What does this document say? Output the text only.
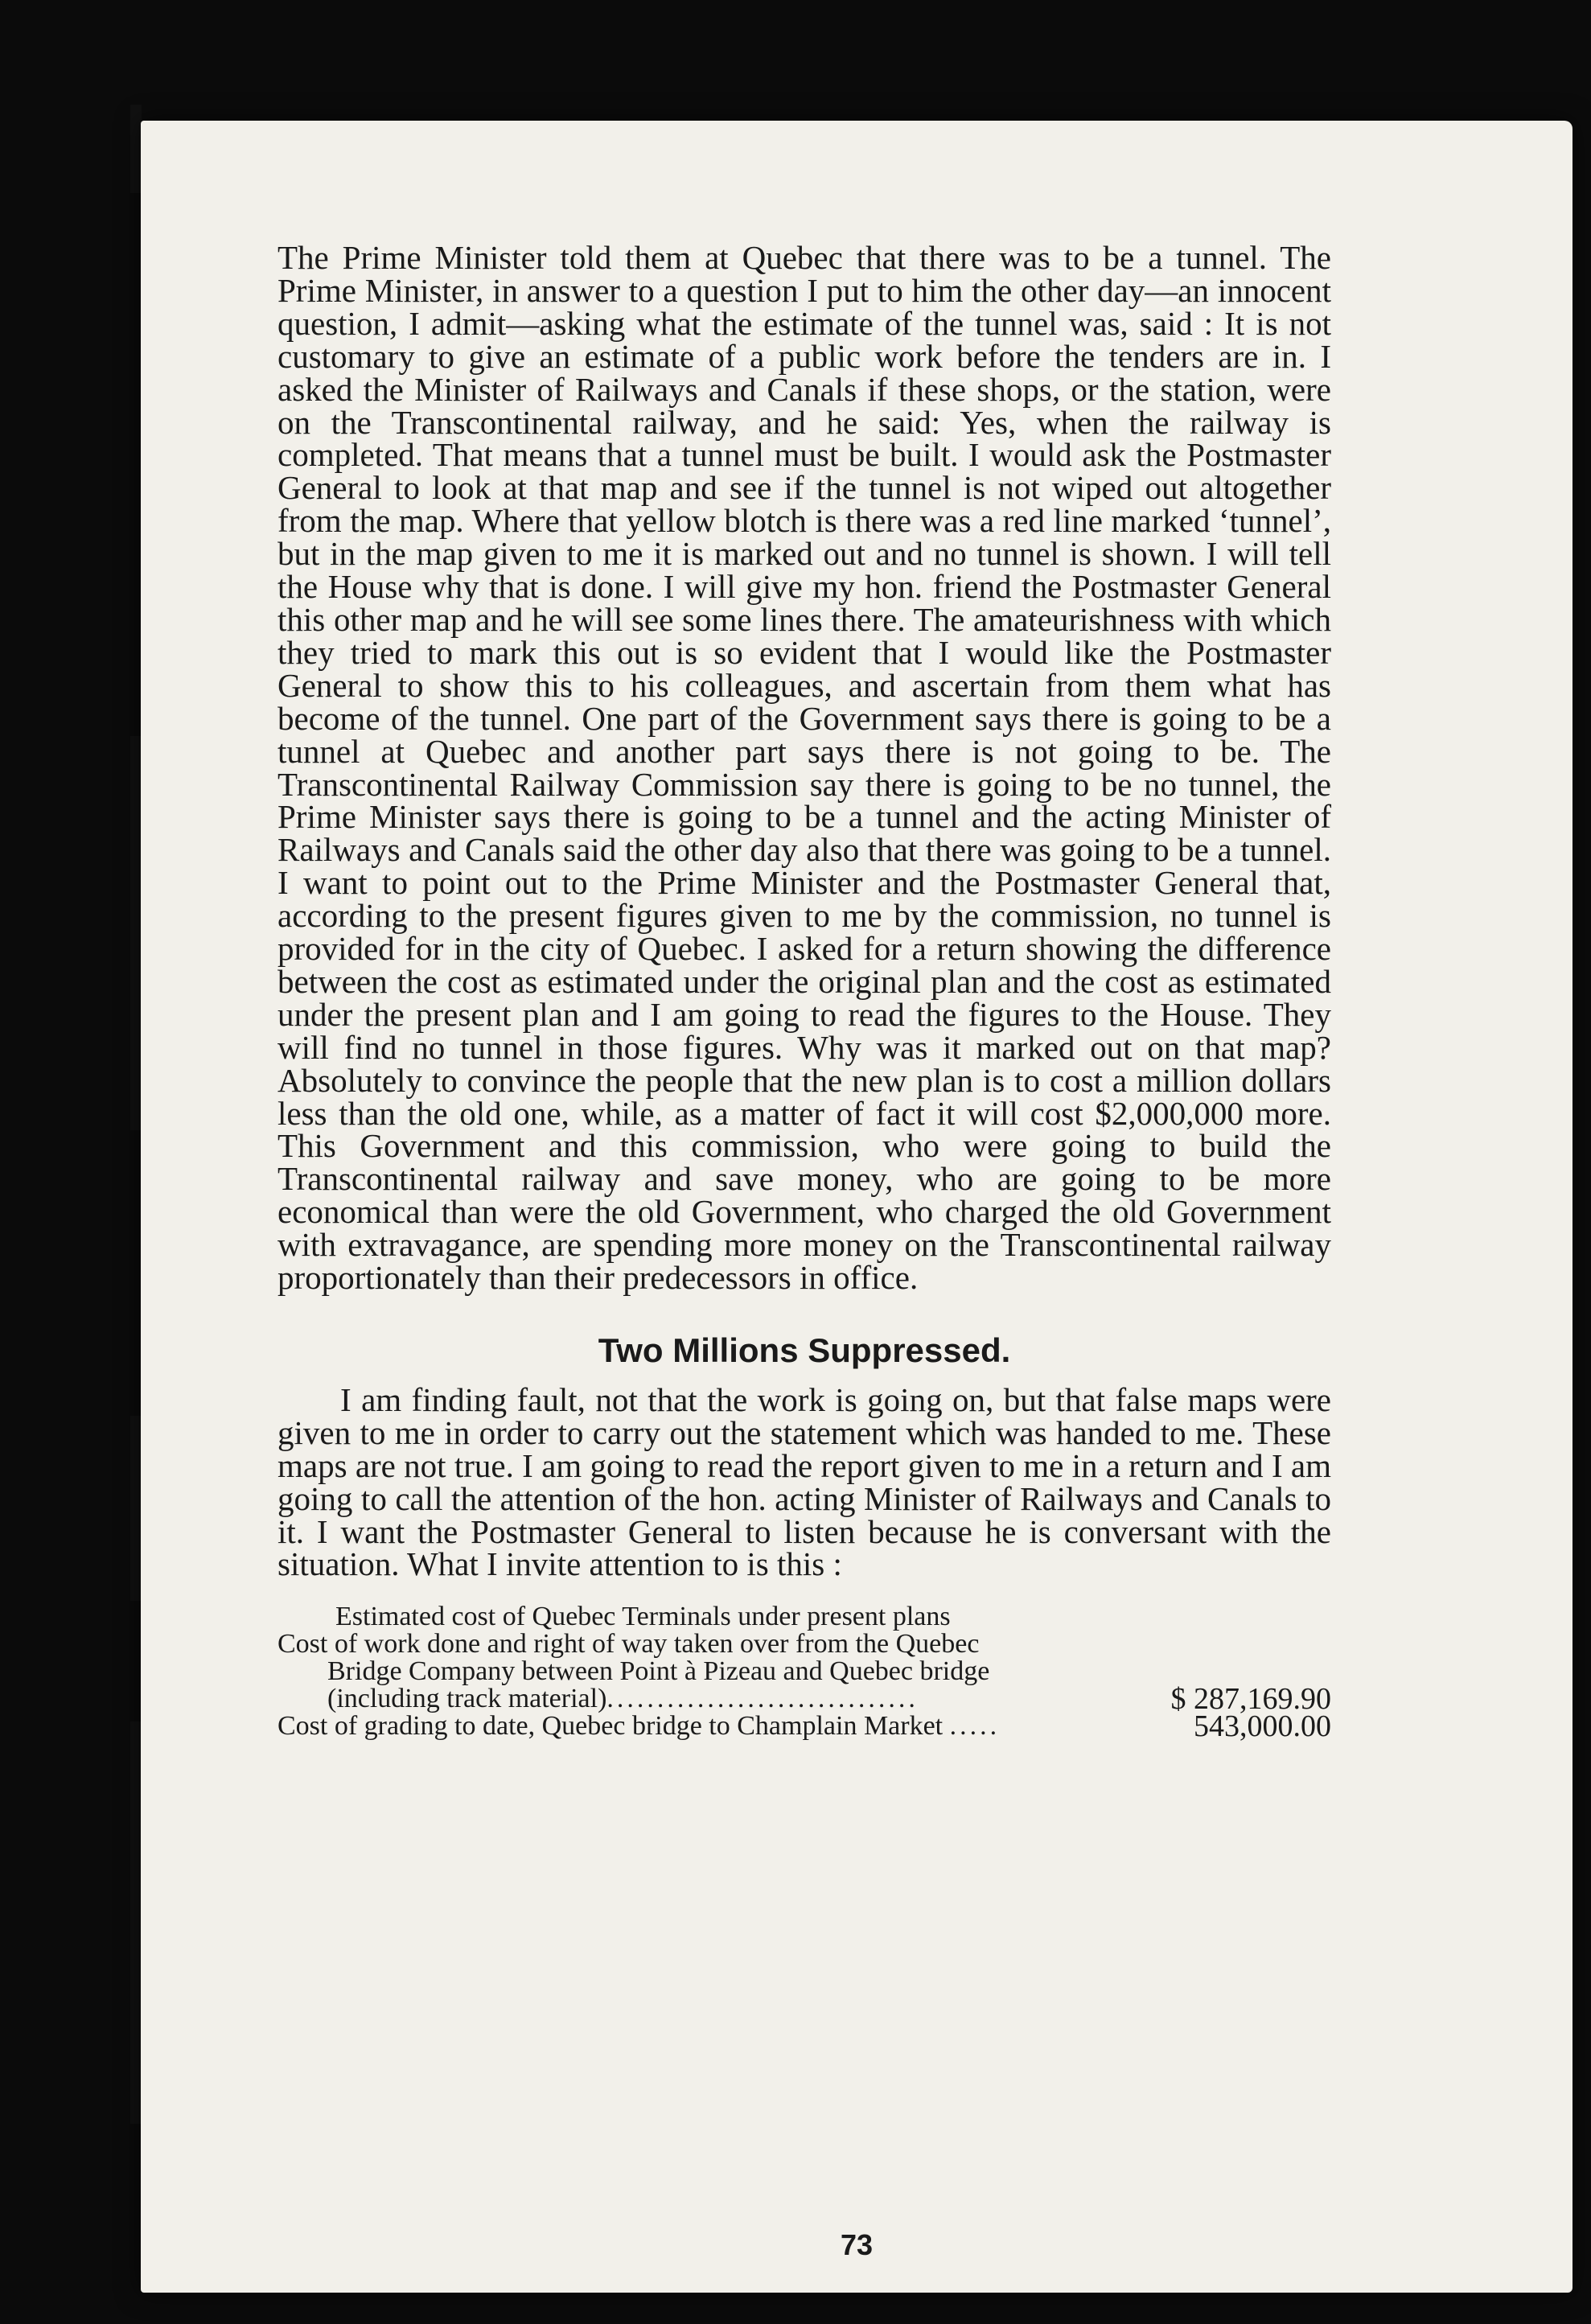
73

The Prime Minister told them at Quebec that there was to be a tunnel. The Prime Minister, in answer to a question I put to him the other day—an innocent question, I admit—asking what the estimate of the tunnel was, said : It is not customary to give an estimate of a public work before the tenders are in. I asked the Minister of Railways and Canals if these shops, or the station, were on the Transcontinental railway, and he said: Yes, when the railway is completed. That means that a tunnel must be built. I would ask the Postmaster General to look at that map and see if the tunnel is not wiped out altogether from the map. Where that yellow blotch is there was a red line marked ‘tunnel’, but in the map given to me it is marked out and no tunnel is shown. I will tell the House why that is done. I will give my hon. friend the Postmaster General this other map and he will see some lines there. The amateurishness with which they tried to mark this out is so evident that I would like the Postmaster General to show this to his colleagues, and ascertain from them what has become of the tunnel. One part of the Government says there is going to be a tunnel at Quebec and another part says there is not going to be. The Transcontinental Railway Commission say there is going to be no tunnel, the Prime Minister says there is going to be a tunnel and the acting Minister of Railways and Canals said the other day also that there was going to be a tunnel. I want to point out to the Prime Minister and the Postmaster General that, according to the present figures given to me by the commission, no tunnel is provided for in the city of Quebec. I asked for a return showing the difference between the cost as estimated under the original plan and the cost as estimated under the present plan and I am going to read the figures to the House. They will find no tunnel in those figures. Why was it marked out on that map? Absolutely to convince the people that the new plan is to cost a million dollars less than the old one, while, as a matter of fact it will cost $2,000,000 more. This Government and this commission, who were going to build the Transcontinental railway and save money, who are going to be more economical than were the old Government, who charged the old Government with extravagance, are spending more money on the Transcontinental railway proportionately than their predecessors in office.

Two Millions Suppressed.

I am finding fault, not that the work is going on, but that false maps were given to me in order to carry out the statement which was handed to me. These maps are not true. I am going to read the report given to me in a return and I am going to call the attention of the hon. acting Minister of Railways and Canals to it. I want the Postmaster General to listen because he is conversant with the situation. What I invite attention to is this :

Estimated cost of Quebec Terminals under present plans
Cost of work done and right of way taken over from the Quebec
Bridge Company between Point à Pizeau and Quebec bridge
(including track material)...............................	$ 287,169.90
Cost of grading to date, Quebec bridge to Champlain Market .....	543,000.00
